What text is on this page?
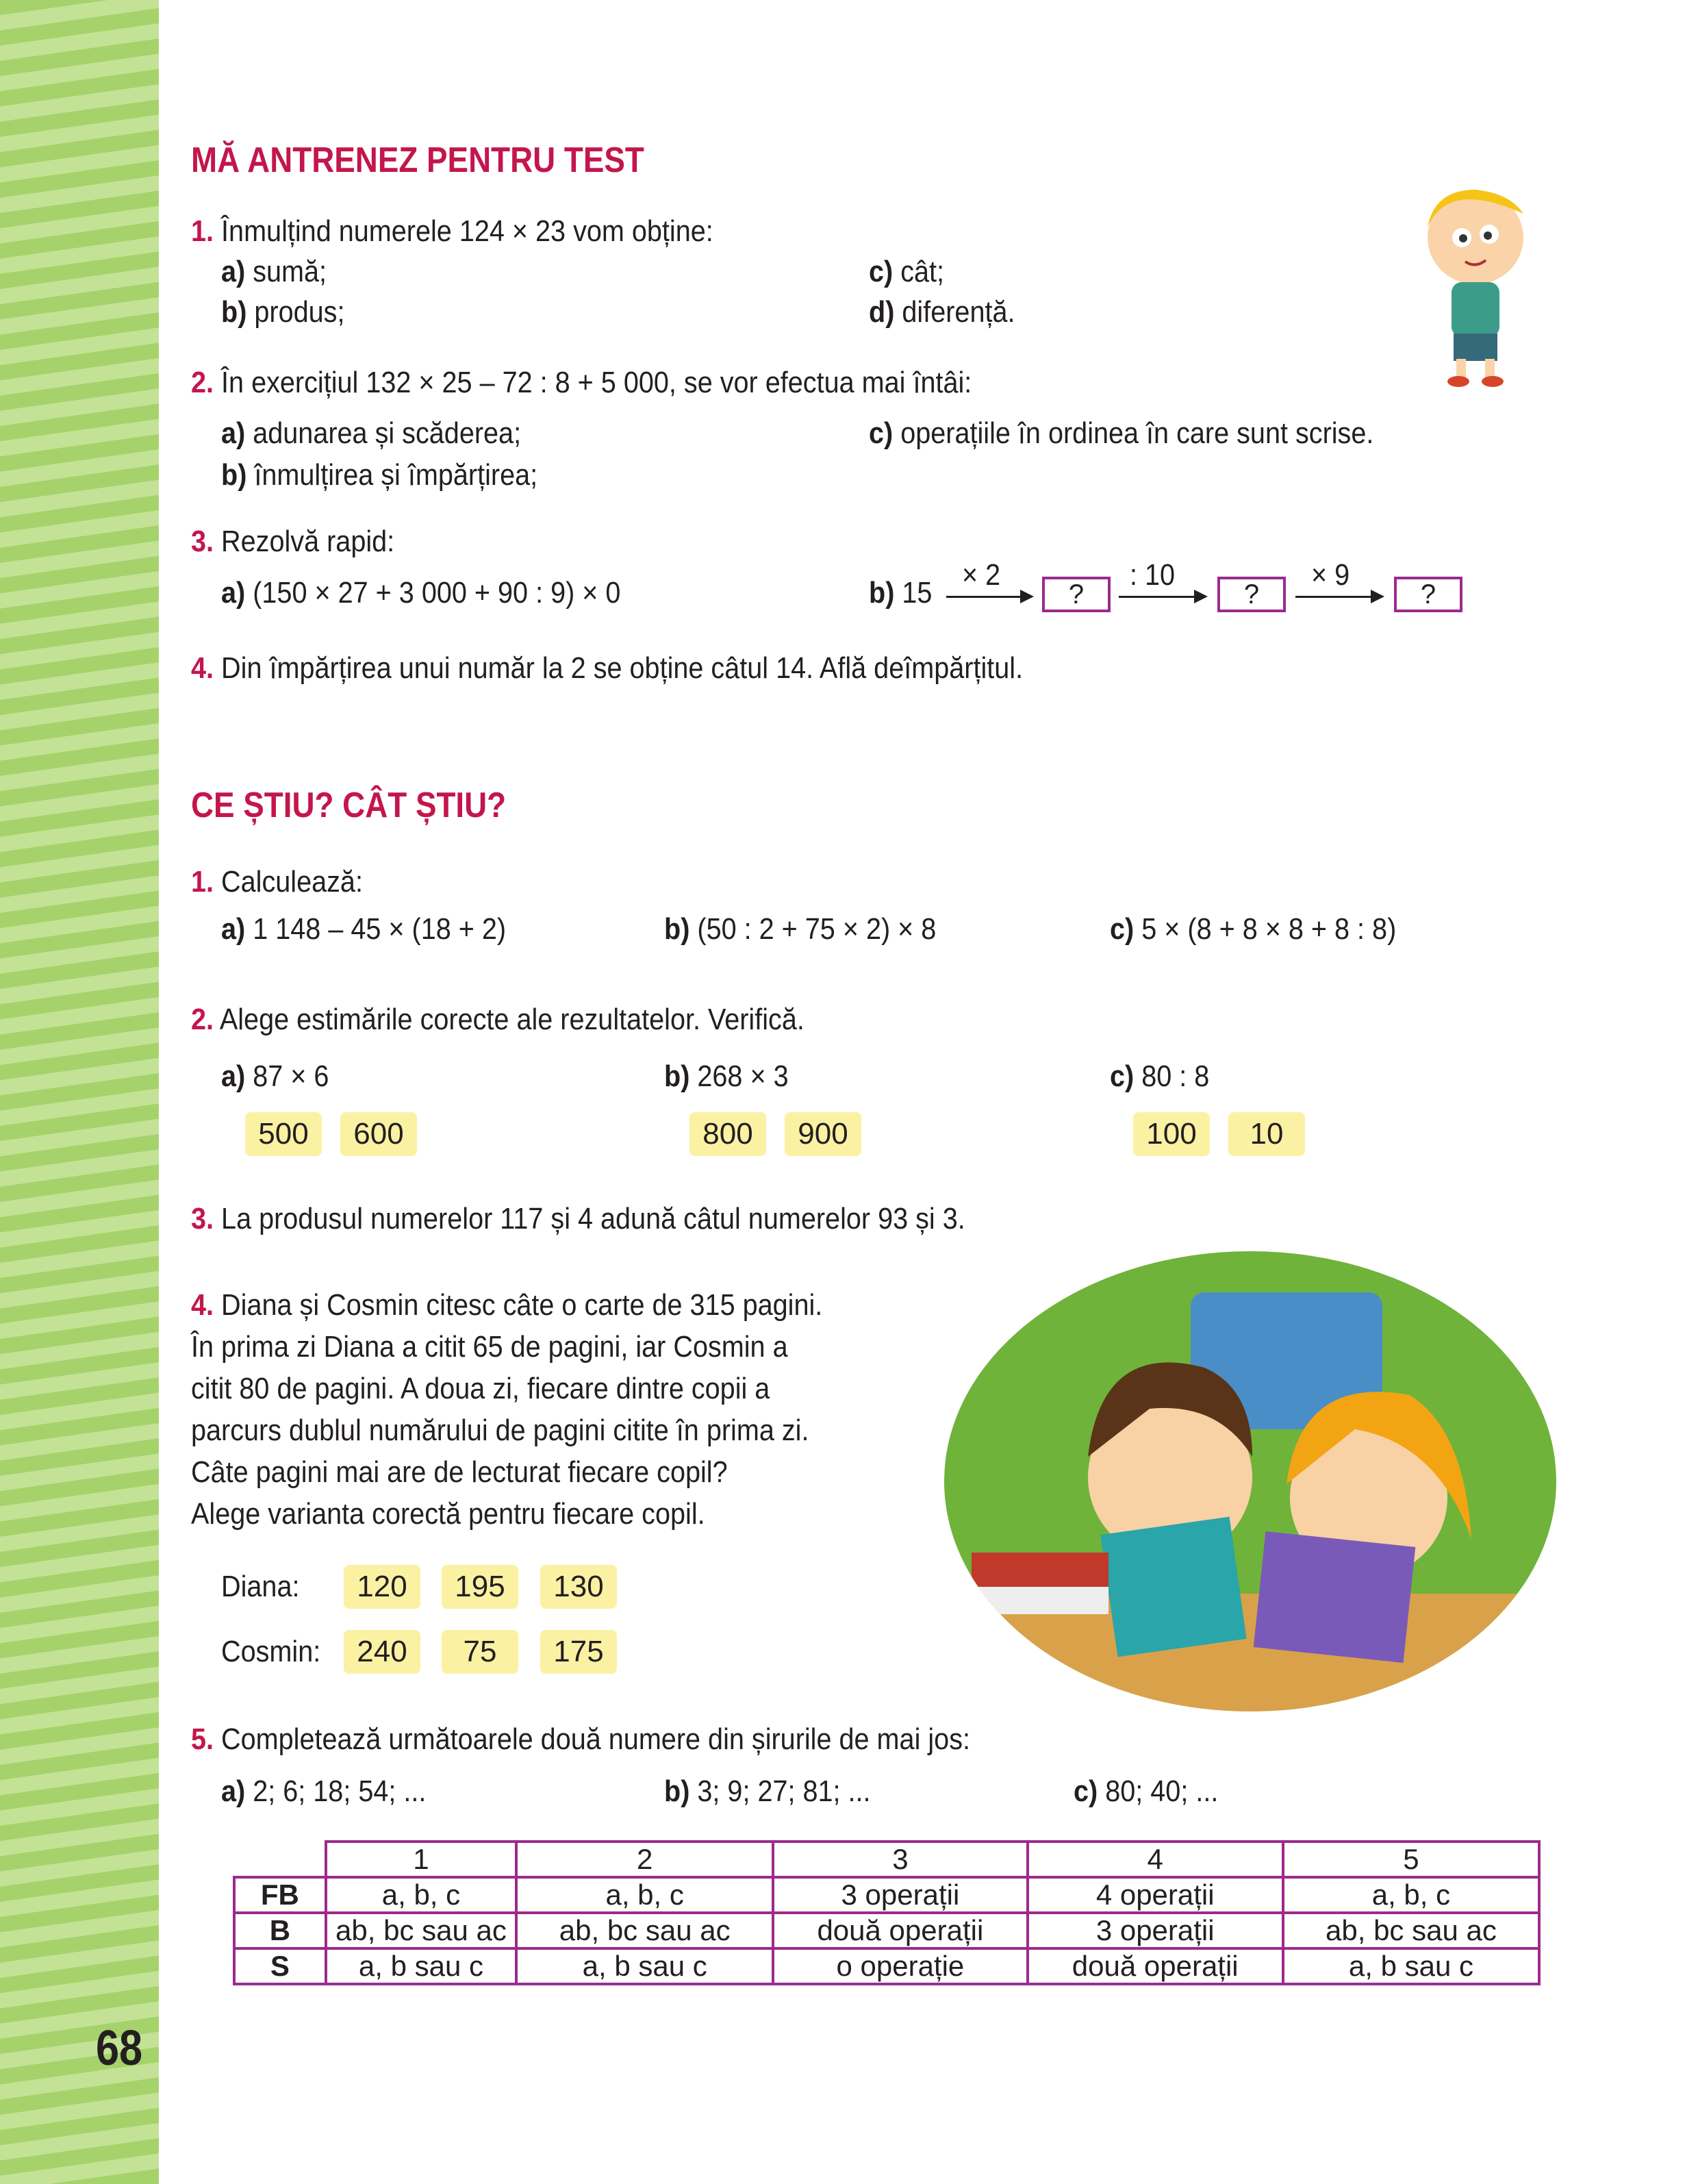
MĂ ANTRENEZ PENTRU TEST
1. Înmulțind numerele 124 × 23 vom obține:
a) sumă;
b) produs;
c) cât;
d) diferență.
2. În exercițiul 132 × 25 – 72 : 8 + 5 000, se vor efectua mai întâi:
a) adunarea și scăderea;
b) înmulțirea și împărțirea;
c) operațiile în ordinea în care sunt scrise.
3. Rezolvă rapid:
a) (150 × 27 + 3 000 + 90 : 9) × 0	b) 15
× 2
?
: 10
?
× 9
?
4. Din împărțirea unui număr la 2 se obține câtul 14. Află deîmpărțitul.
CE ȘTIU? CÂT ȘTIU?
1. Calculează:
a) 1 148 – 45 × (18 + 2)	b) (50 : 2 + 75 × 2) × 8	c) 5 × (8 + 8 × 8 + 8 : 8)
2. Alege estimările corecte ale rezultatelor. Verifică.
a) 87 × 6	b) 268 × 3	c) 80 : 8
500	600	800	900	100	10
3. La produsul numerelor 117 și 4 adună câtul numerelor 93 și 3.
4. Diana și Cosmin citesc câte o carte de 315 pagini.
În prima zi Diana a citit 65 de pagini, iar Cosmin a
citit 80 de pagini. A doua zi, fiecare dintre copii a
parcurs dublul numărului de pagini citite în prima zi.
Câte pagini mai are de lecturat fiecare copil?
Alege varianta corectă pentru fiecare copil.
Diana:	120	195	130
Cosmin:	240	75	175
5. Completează următoarele două numere din șirurile de mai jos:
a) 2; 6; 18; 54; ...	b) 3; 9; 27; 81; ...	c) 80; 40; ...
	1	2	3	4	5
FB	a, b, c	a, b, c	3 operații	4 operații	a, b, c
B	ab, bc sau ac	ab, bc sau ac	două operații	3 operații	ab, bc sau ac
S	a, b sau c	a, b sau c	o operație	două operații	a, b sau c
68
